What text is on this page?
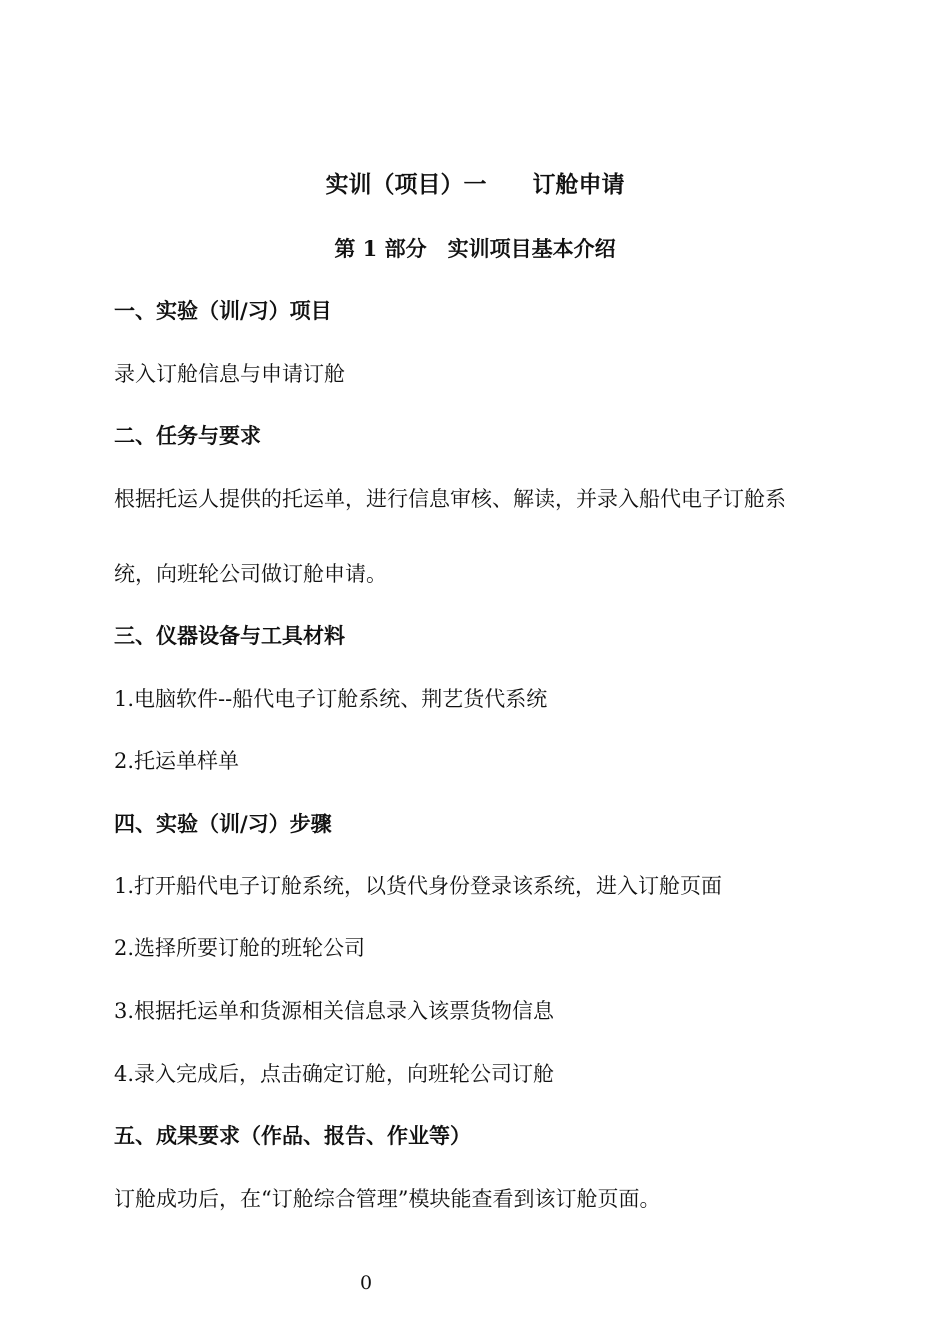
实训（项目）一　　订舱申请
第 1 部分　实训项目基本介绍
一、实验（训/习）项目
录入订舱信息与申请订舱
二、任务与要求
根据托运人提供的托运单，进行信息审核、解读，并录入船代电子订舱系
统，向班轮公司做订舱申请。
三、仪器设备与工具材料
1.电脑软件--船代电子订舱系统、荆艺货代系统
2.托运单样单
四、实验（训/习）步骤
1.打开船代电子订舱系统，以货代身份登录该系统，进入订舱页面
2.选择所要订舱的班轮公司
3.根据托运单和货源相关信息录入该票货物信息
4.录入完成后，点击确定订舱，向班轮公司订舱
五、成果要求（作品、报告、作业等）
订舱成功后，在“订舱综合管理”模块能查看到该订舱页面。
0
